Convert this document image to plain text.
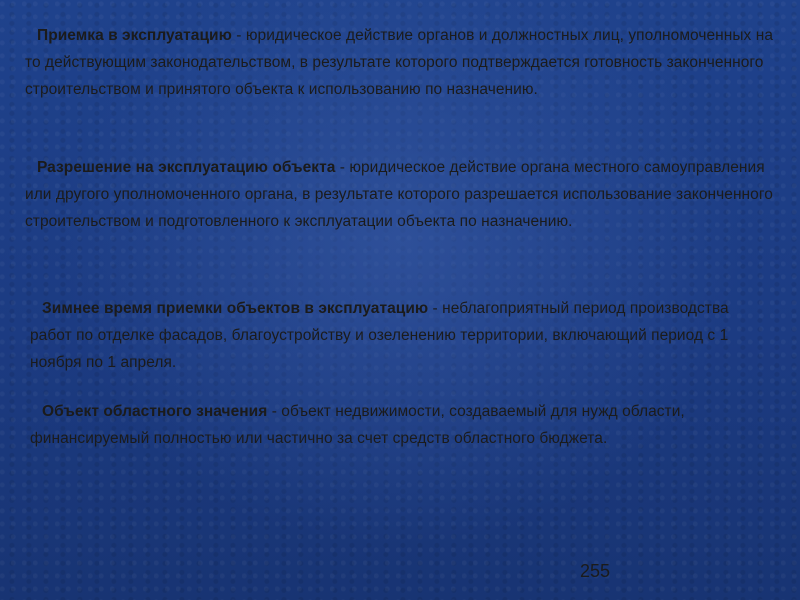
Приемка в эксплуатацию - юридическое действие органов и должностных лиц, уполномоченных на то действующим законодательством, в результате которого подтверждается готовность законченного строительством и принятого объекта к использованию по назначению.
Разрешение на эксплуатацию объекта - юридическое действие органа местного самоуправления или другого уполномоченного органа, в результате которого разрешается использование законченного строительством и подготовленного к эксплуатации объекта по назначению.
Зимнее время приемки объектов в эксплуатацию - неблагоприятный период производства работ по отделке фасадов, благоустройству и озеленению территории, включающий период с 1 ноября по 1 апреля.
Объект областного значения - объект недвижимости, создаваемый для нужд области, финансируемый полностью или частично за счет средств областного бюджета.
255
